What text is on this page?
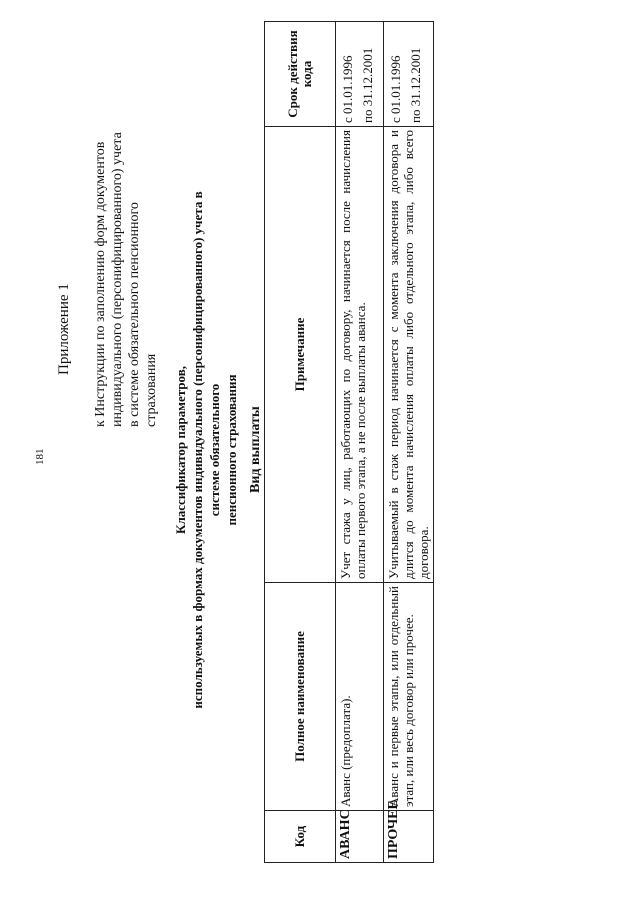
181
Приложение 1 к Инструкции по заполнению форм документов индивидуального (персонифицированного) учета в системе обязательного пенсионного страхования Классификатор параметров, используемых в формах документов индивидуального (персонифицированного) учета в системе обязательного пенсионного страхования Вид выплаты
Код	Полное наименование	Примечание	Срок действия кода
АВАНС	Аванс (предоплата).	Учет стажа у лиц, работающих по договору, начинается после начисления оплаты первого этапа, а не после выплаты аванса.	с 01.01.1996 по 31.12.2001

ПРОЧЕЕ	Аванс и первые этапы, или отдельный этап, или весь договор или прочее.	Учитываемый в стаж период начинается с момента заключения договора и длится до момента начисления оплаты либо отдельного этапа, либо всего договора.	с 01.01.1996 по 31.12.2001
